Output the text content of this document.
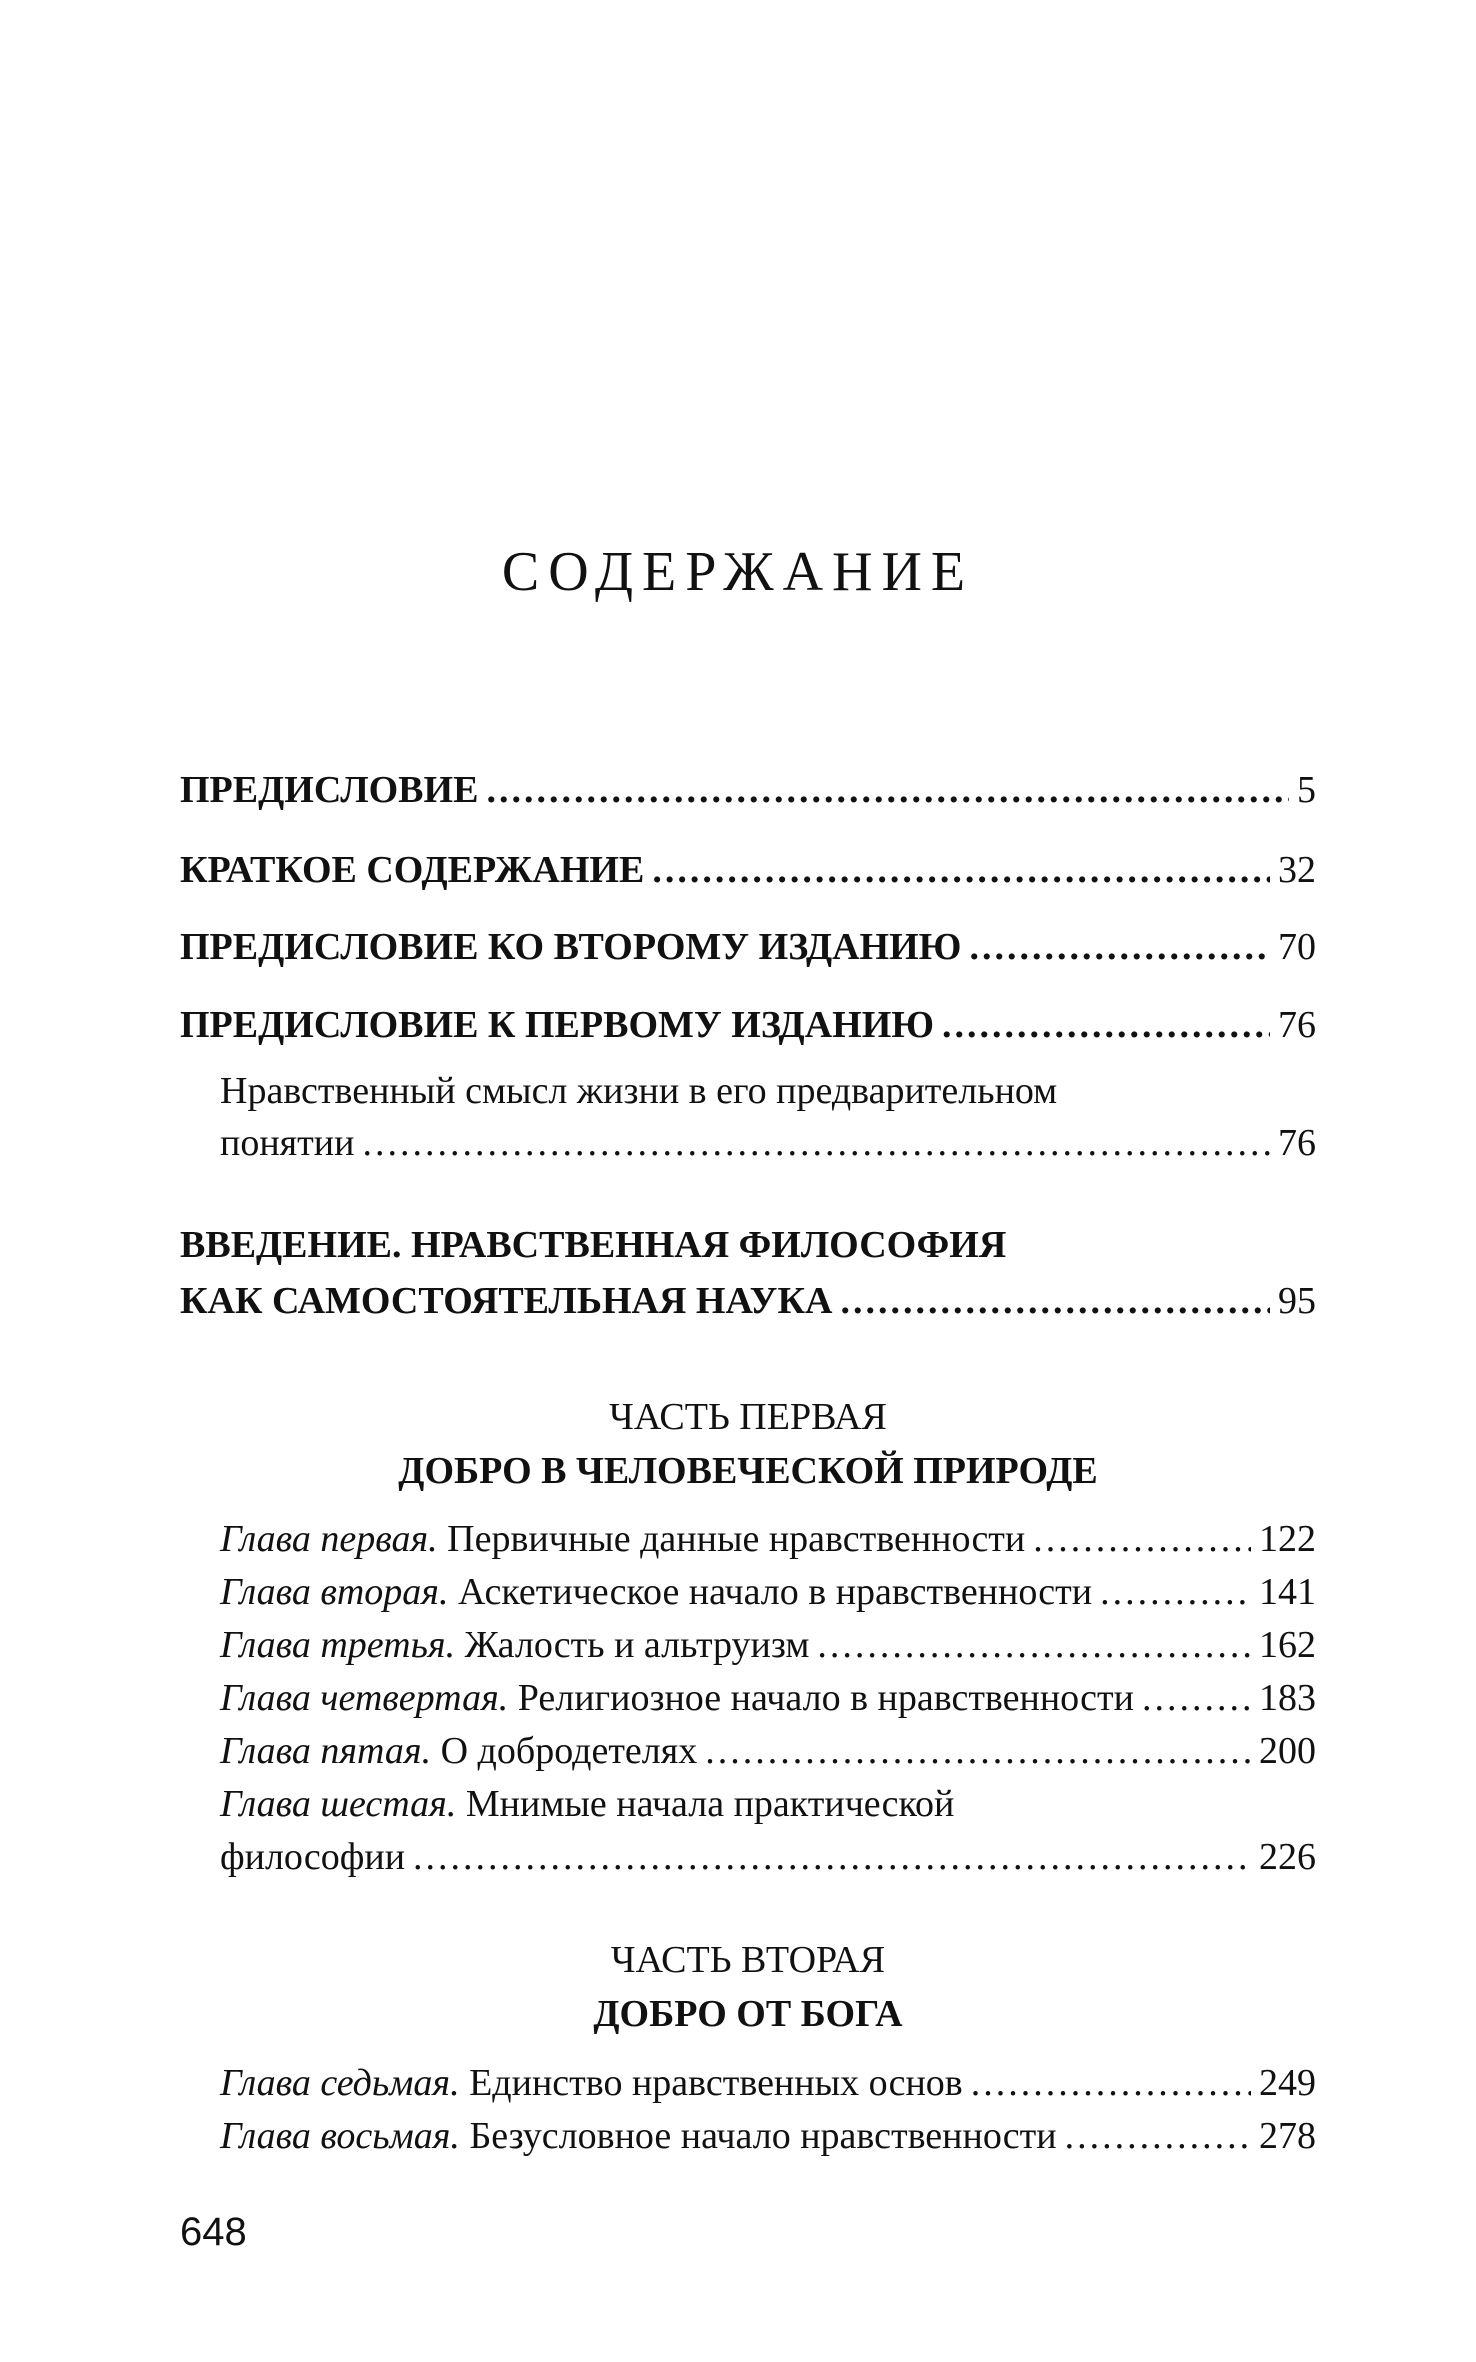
СОДЕРЖАНИЕ
ПРЕДИСЛОВИЕ .....	5
КРАТКОЕ СОДЕРЖАНИЕ .....	32
ПРЕДИСЛОВИЕ КО ВТОРОМУ ИЗДАНИЮ .....	70
ПРЕДИСЛОВИЕ К ПЕРВОМУ ИЗДАНИЮ .....	76
Нравственный смысл жизни в его предварительном
понятии .....	76
ВВЕДЕНИЕ. НРАВСТВЕННАЯ ФИЛОСОФИЯ
КАК САМОСТОЯТЕЛЬНАЯ НАУКА .....	95
ЧАСТЬ ПЕРВАЯ
ДОБРО В ЧЕЛОВЕЧЕСКОЙ ПРИРОДЕ
Глава первая. Первичные данные нравственности .....	122
Глава вторая. Аскетическое начало в нравственности .....	141
Глава третья. Жалость и альтруизм .....	162
Глава четвертая. Религиозное начало в нравственности .....	183
Глава пятая. О добродетелях .....	200
Глава шестая. Мнимые начала практической
философии .....	226
ЧАСТЬ ВТОРАЯ
ДОБРО ОТ БОГА
Глава седьмая. Единство нравственных основ .....	249
Глава восьмая. Безусловное начало нравственности .....	278
648
